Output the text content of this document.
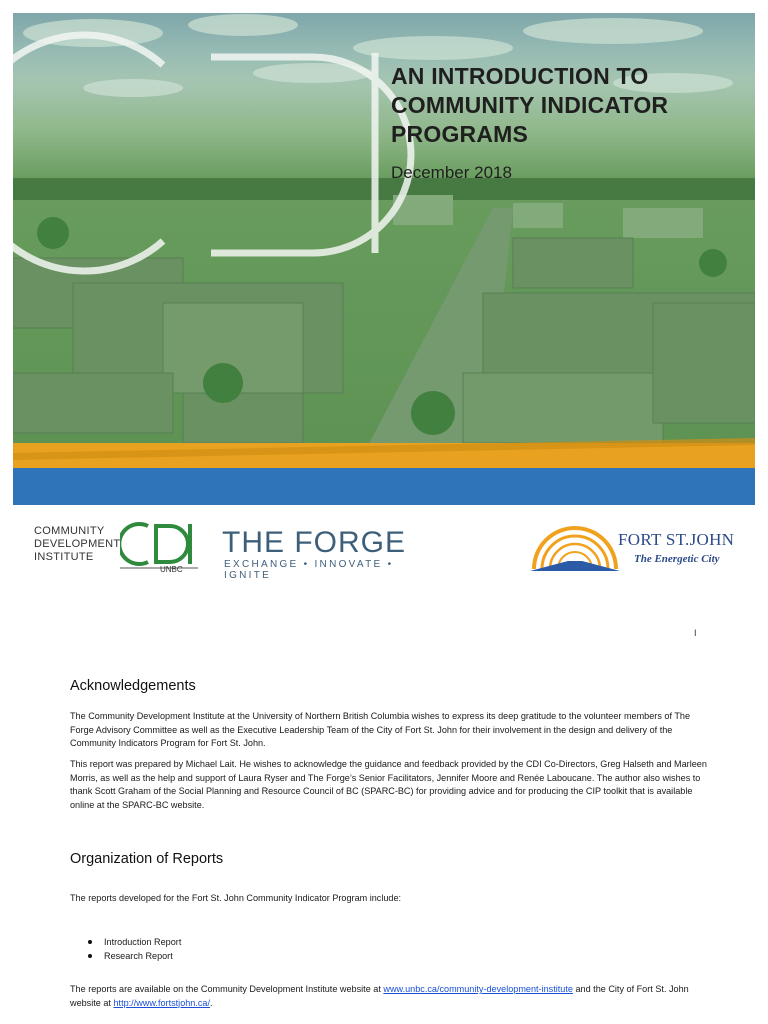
AN INTRODUCTION TO
COMMUNITY INDICATOR
PROGRAMS
December 2018
COMMUNITY
DEVELOPMENT
INSTITUTE
UNBC
THE FORGE
EXCHANGE • INNOVATE • IGNITE
FORT ST.JOHN
The Energetic City
I
Acknowledgements

The Community Development Institute at the University of Northern British Columbia wishes to express its deep gratitude to the volunteer members of The Forge Advisory Committee as well as the Executive Leadership Team of the City of Fort St. John for their involvement in the design and delivery of the Community Indicators Program for Fort St. John.

This report was prepared by Michael Lait. He wishes to acknowledge the guidance and feedback provided by the CDI Co-Directors, Greg Halseth and Marleen Morris, as well as the help and support of Laura Ryser and The Forge’s Senior Facilitators, Jennifer Moore and Renée Laboucane. The author also wishes to thank Scott Graham of the Social Planning and Resource Council of BC (SPARC-BC) for providing advice and for producing the CIP toolkit that is available online at the SPARC-BC website.

Organization of Reports

The reports developed for the Fort St. John Community Indicator Program include:

Introduction Report
Research Report

The reports are available on the Community Development Institute website at www.unbc.ca/community-development-institute and the City of Fort St. John website at http://www.fortstjohn.ca/.
